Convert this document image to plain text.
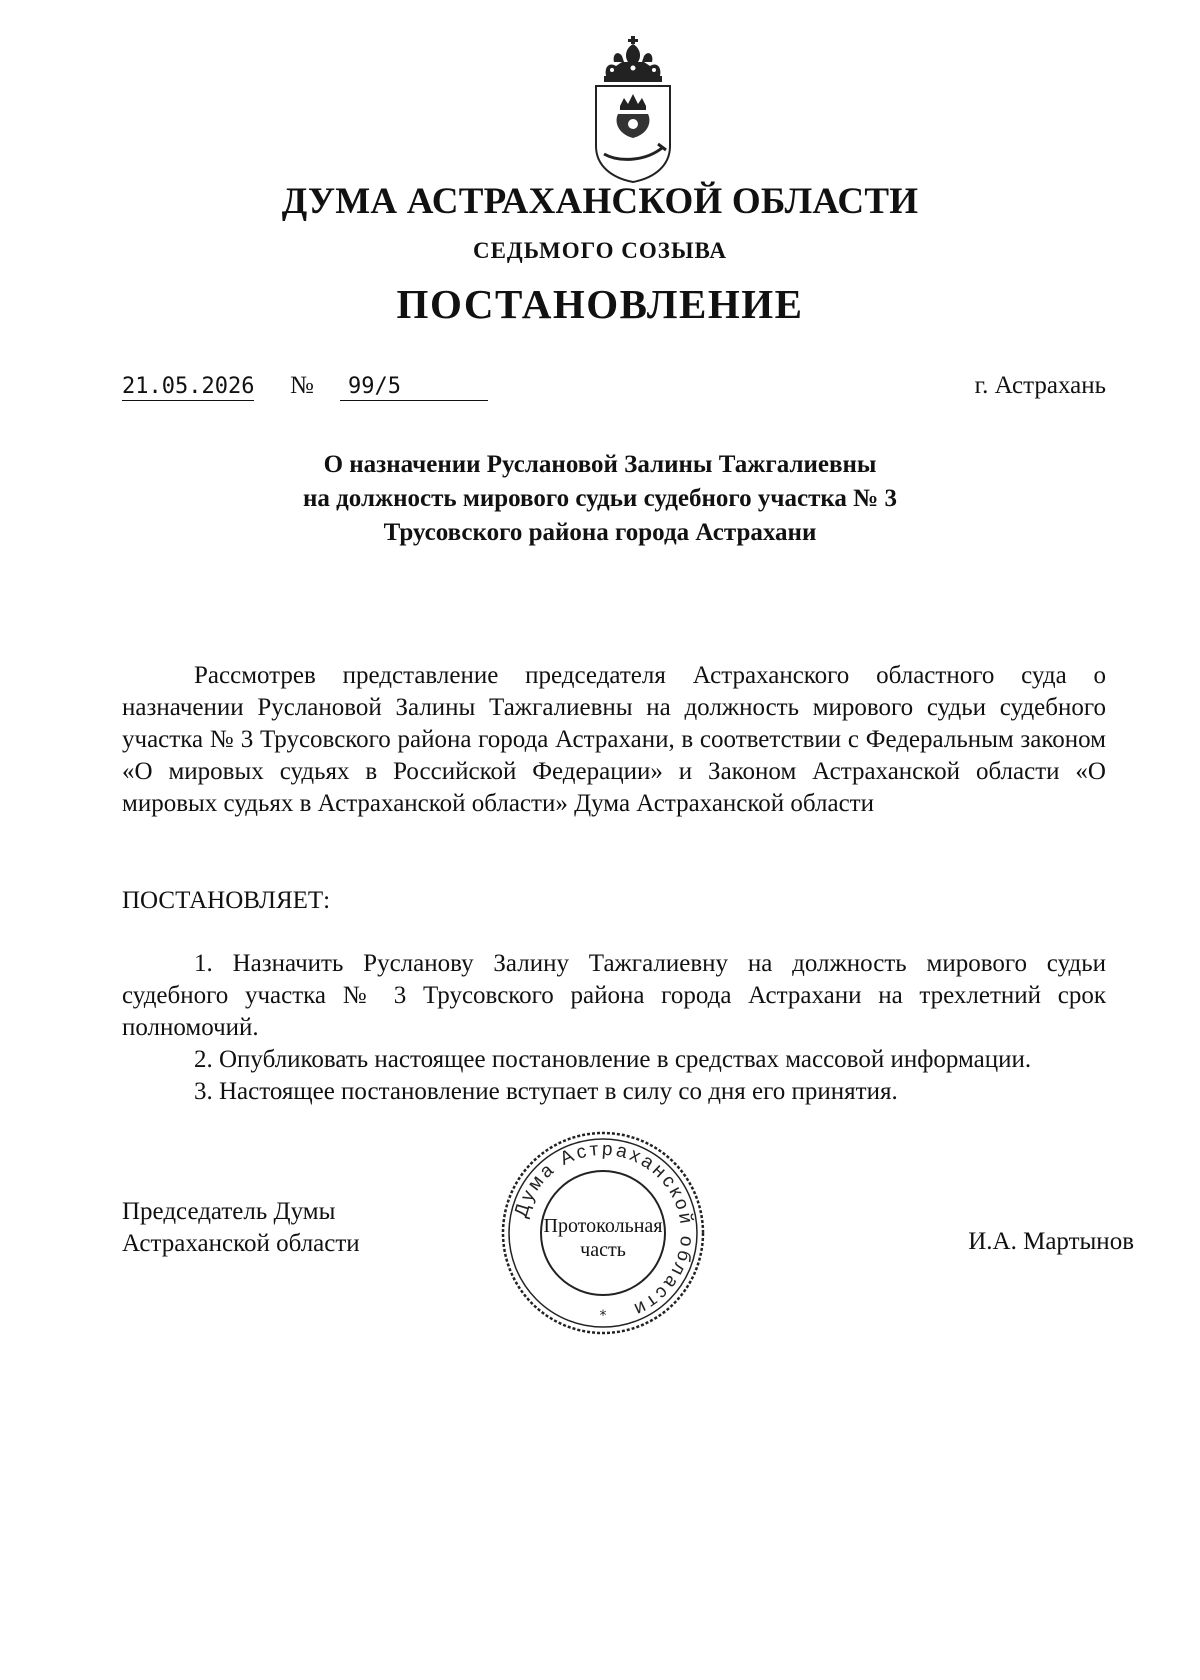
ДУМА АСТРАХАНСКОЙ ОБЛАСТИ
СЕДЬМОГО СОЗЫВА
ПОСТАНОВЛЕНИЕ
21.05.2026 №	99/5	г. Астрахань
О назначении Руслановой Залины Тажгалиевны
на должность мирового судьи судебного участка № 3
Трусовского района города Астрахани
Рассмотрев представление председателя Астраханского областного суда о назначении Руслановой Залины Тажгалиевны на должность мирового судьи судебного участка № 3 Трусовского района города Астрахани, в соответствии с Федеральным законом «О мировых судьях в Российской Федерации» и Законом Астраханской области «О мировых судьях в Астраханской области» Дума Астраханской области
ПОСТАНОВЛЯЕТ:
1. Назначить Русланову Залину Тажгалиевну на должность мирового судьи судебного участка № 3 Трусовского района города Астрахани на трехлетний срок полномочий.
2. Опубликовать настоящее постановление в средствах массовой информации.
3. Настоящее постановление вступает в силу со дня его принятия.
Председатель Думы
Астраханской области	И.А. Мартынов
Дума Астраханской области
*
Протокольная
часть
